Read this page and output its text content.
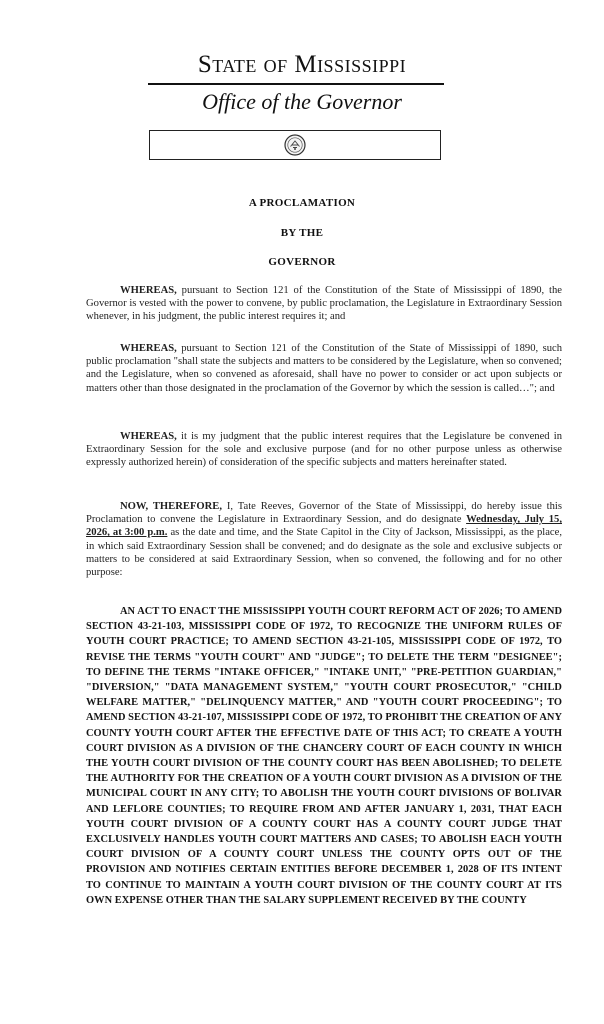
State of Mississippi
Office of the Governor
A PROCLAMATION
BY THE
GOVERNOR

WHEREAS, pursuant to Section 121 of the Constitution of the State of Mississippi of 1890, the Governor is vested with the power to convene, by public proclamation, the Legislature in Extraordinary Session whenever, in his judgment, the public interest requires it; and

WHEREAS, pursuant to Section 121 of the Constitution of the State of Mississippi of 1890, such public proclamation "shall state the subjects and matters to be considered by the Legislature, when so convened; and the Legislature, when so convened as aforesaid, shall have no power to consider or act upon subjects or matters other than those designated in the proclamation of the Governor by which the session is called…"; and

WHEREAS, it is my judgment that the public interest requires that the Legislature be convened in Extraordinary Session for the sole and exclusive purpose (and for no other purpose unless as otherwise expressly authorized herein) of consideration of the specific subjects and matters hereinafter stated.

NOW, THEREFORE, I, Tate Reeves, Governor of the State of Mississippi, do hereby issue this Proclamation to convene the Legislature in Extraordinary Session, and do designate Wednesday, July 15, 2026, at 3:00 p.m. as the date and time, and the State Capitol in the City of Jackson, Mississippi, as the place, in which said Extraordinary Session shall be convened; and do designate as the sole and exclusive subjects or matters to be considered at said Extraordinary Session, when so convened, the following and for no other purpose:

AN ACT TO ENACT THE MISSISSIPPI YOUTH COURT REFORM ACT OF 2026; TO AMEND SECTION 43-21-103, MISSISSIPPI CODE OF 1972, TO RECOGNIZE THE UNIFORM RULES OF YOUTH COURT PRACTICE; TO AMEND SECTION 43-21-105, MISSISSIPPI CODE OF 1972, TO REVISE THE TERMS "YOUTH COURT" AND "JUDGE"; TO DELETE THE TERM "DESIGNEE"; TO DEFINE THE TERMS "INTAKE OFFICER," "INTAKE UNIT," "PRE-PETITION GUARDIAN," "DIVERSION," "DATA MANAGEMENT SYSTEM," "YOUTH COURT PROSECUTOR," "CHILD WELFARE MATTER," "DELINQUENCY MATTER," AND "YOUTH COURT PROCEEDING"; TO AMEND SECTION 43-21-107, MISSISSIPPI CODE OF 1972, TO PROHIBIT THE CREATION OF ANY COUNTY YOUTH COURT AFTER THE EFFECTIVE DATE OF THIS ACT; TO CREATE A YOUTH COURT DIVISION AS A DIVISION OF THE CHANCERY COURT OF EACH COUNTY IN WHICH THE YOUTH COURT DIVISION OF THE COUNTY COURT HAS BEEN ABOLISHED; TO DELETE THE AUTHORITY FOR THE CREATION OF A YOUTH COURT DIVISION AS A DIVISION OF THE MUNICIPAL COURT IN ANY CITY; TO ABOLISH THE YOUTH COURT DIVISIONS OF BOLIVAR AND LEFLORE COUNTIES; TO REQUIRE FROM AND AFTER JANUARY 1, 2031, THAT EACH YOUTH COURT DIVISION OF A COUNTY COURT HAS A COUNTY COURT JUDGE THAT EXCLUSIVELY HANDLES YOUTH COURT MATTERS AND CASES; TO ABOLISH EACH YOUTH COURT DIVISION OF A COUNTY COURT UNLESS THE COUNTY OPTS OUT OF THE PROVISION AND NOTIFIES CERTAIN ENTITIES BEFORE DECEMBER 1, 2028 OF ITS INTENT TO CONTINUE TO MAINTAIN A YOUTH COURT DIVISION OF THE COUNTY COURT AT ITS OWN EXPENSE OTHER THAN THE SALARY SUPPLEMENT RECEIVED BY THE COUNTY
